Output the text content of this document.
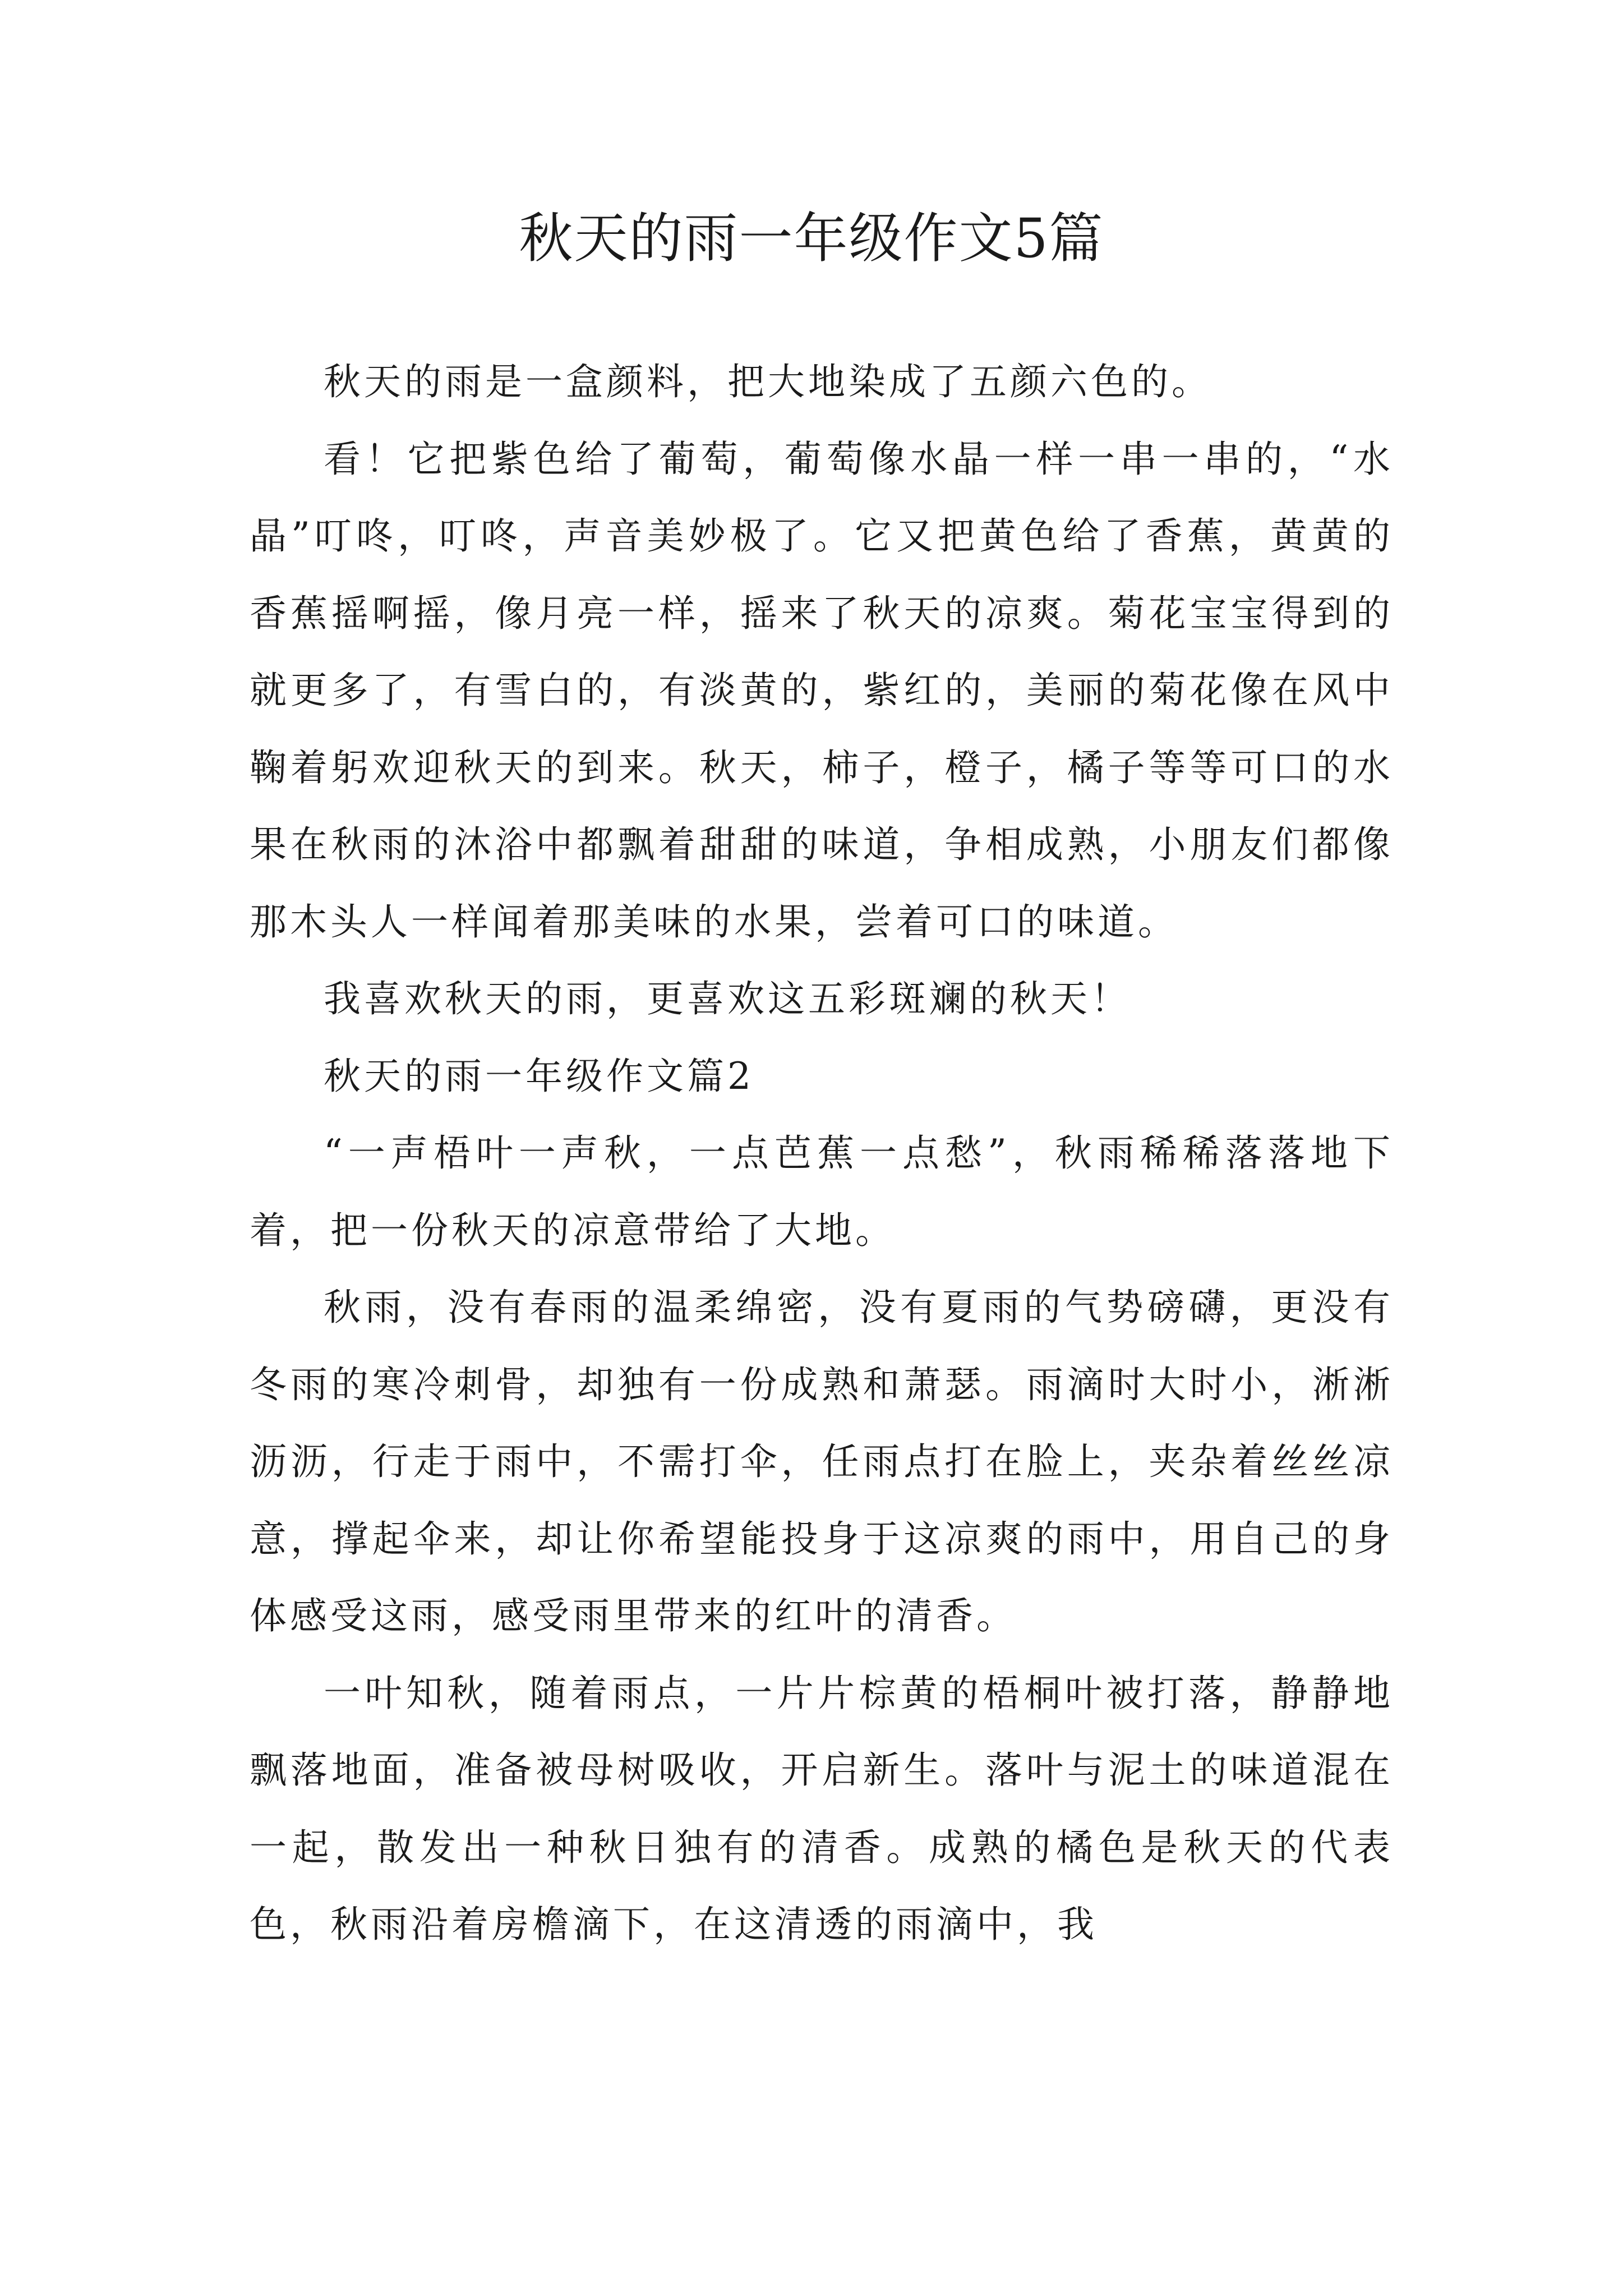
秋天的雨一年级作文5篇

秋天的雨是一盒颜料，把大地染成了五颜六色的。

看！它把紫色给了葡萄，葡萄像水晶一样一串一串的，“水晶”叮咚，叮咚，声音美妙极了。它又把黄色给了香蕉，黄黄的香蕉摇啊摇，像月亮一样，摇来了秋天的凉爽。菊花宝宝得到的就更多了，有雪白的，有淡黄的，紫红的，美丽的菊花像在风中鞠着躬欢迎秋天的到来。秋天，柿子，橙子，橘子等等可口的水果在秋雨的沐浴中都飘着甜甜的味道，争相成熟，小朋友们都像那木头人一样闻着那美味的水果，尝着可口的味道。

我喜欢秋天的雨，更喜欢这五彩斑斓的秋天！

秋天的雨一年级作文篇2

“一声梧叶一声秋，一点芭蕉一点愁”，秋雨稀稀落落地下着，把一份秋天的凉意带给了大地。

秋雨，没有春雨的温柔绵密，没有夏雨的气势磅礴，更没有冬雨的寒冷刺骨，却独有一份成熟和萧瑟。雨滴时大时小，淅淅沥沥，行走于雨中，不需打伞，任雨点打在脸上，夹杂着丝丝凉意，撑起伞来，却让你希望能投身于这凉爽的雨中，用自己的身体感受这雨，感受雨里带来的红叶的清香。

一叶知秋，随着雨点，一片片棕黄的梧桐叶被打落，静静地飘落地面，准备被母树吸收，开启新生。落叶与泥土的味道混在一起，散发出一种秋日独有的清香。成熟的橘色是秋天的代表色，秋雨沿着房檐滴下，在这清透的雨滴中，我
